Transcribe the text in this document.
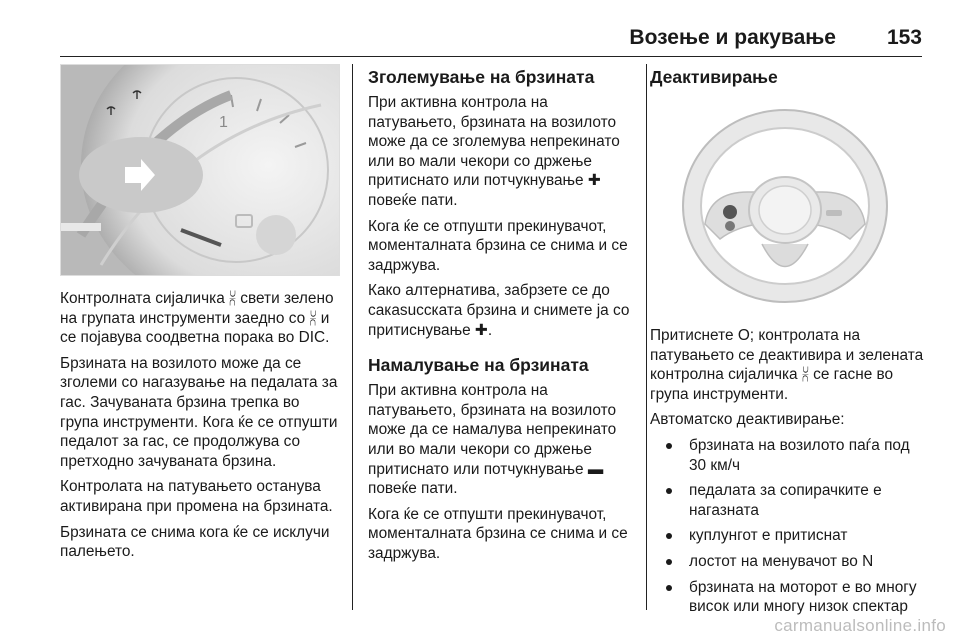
Возење и ракување 153
1

Контролната сијаличка ⩈ свети зелено на групата инструменти заедно со ⩈ и се појавува соодветна порака во DIC.

Брзината на возилото може да се зголеми со нагазување на педалата за гас. Зачуваната брзина трепка во група инструменти. Кога ќе се отпушти педалот за гас, се продолжува со претходно зачуваната брзина.

Контролата на патувањето останува активирана при промена на брзината.

Брзината се снима кога ќе се исклучи палењето.

Зголемување на брзината

При активна контрола на патувањето, брзината на возилото може да се зголемува непрекинато или во мали чекори со држење притиснато или потчукнување ✚ повеќе пати.

Кога ќе се отпушти прекинувачот, моменталната брзина се снима и се задржува.

Како алтернатива, забрзете се до сакаsuccката брзина и снимете ја со притиснување ✚.

Намалување на брзината

При активна контрола на патувањето, брзината на возилото може да се намалува непрекинато или во мали чекори со држење притиснато или потчукнување ▬ повеќе пати.

Кога ќе се отпушти прекинувачот, моменталната брзина се снима и се задржува.

Деактивирање

Притиснете O; контролата на патувањето се деактивира и зелената контролна сијаличка ⩈ се гасне во група инструменти.

Автоматско деактивирање:

брзината на возилото паѓа под 30 км/ч
педалата за сопирачките е нагазната
куплунгот е притиснат
лостот на менувачот во N
брзината на моторот е во многу висок или многу низок спектар
carmanualsonline.info
